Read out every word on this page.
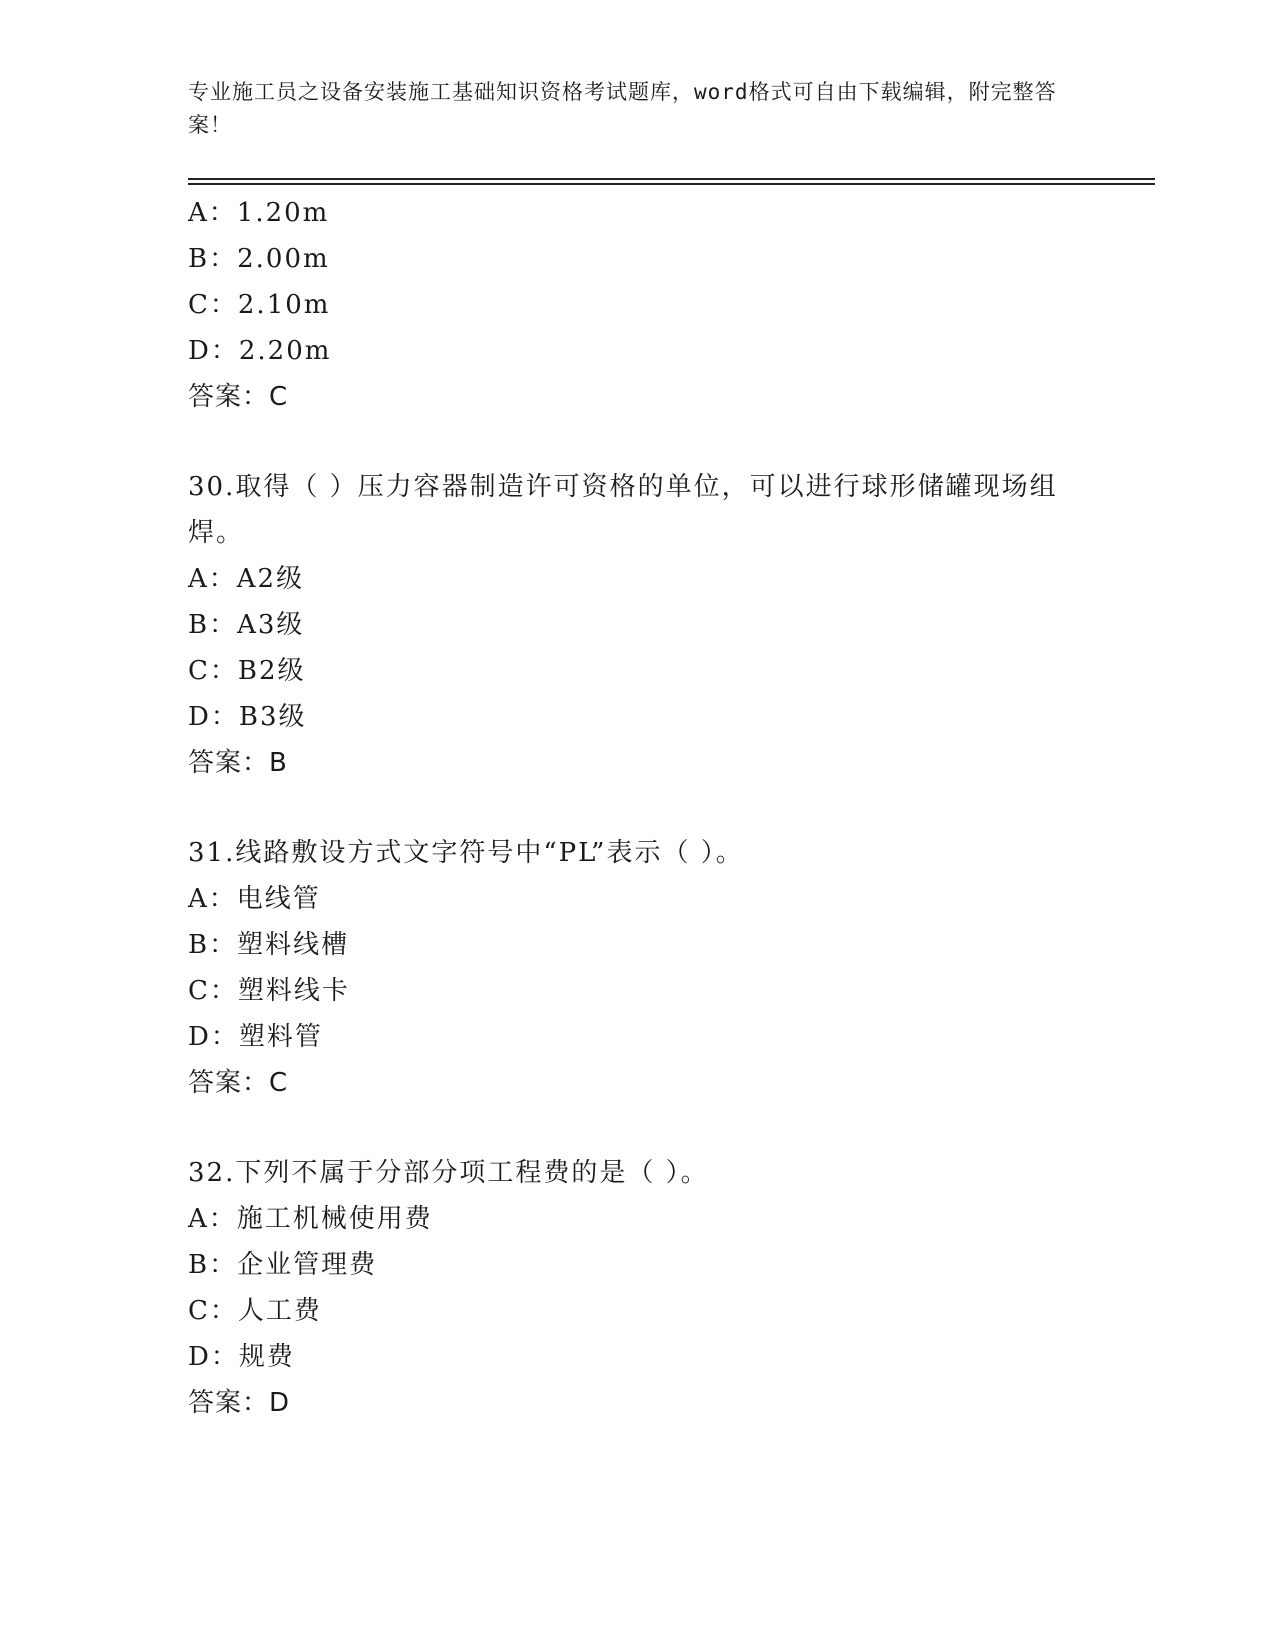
专业施工员之设备安装施工基础知识资格考试题库，word格式可自由下载编辑，附完整答案！
A：1.20m
B：2.00m
C：2.10m
D：2.20m
答案：C
30.取得（ ）压力容器制造许可资格的单位，可以进行球形储罐现场组焊。
A：A2级
B：A3级
C：B2级
D：B3级
答案：B
31.线路敷设方式文字符号中“PL”表示（ ）。
A：电线管
B：塑料线槽
C：塑料线卡
D：塑料管
答案：C
32.下列不属于分部分项工程费的是（ ）。
A：施工机械使用费
B：企业管理费
C：人工费
D：规费
答案：D
